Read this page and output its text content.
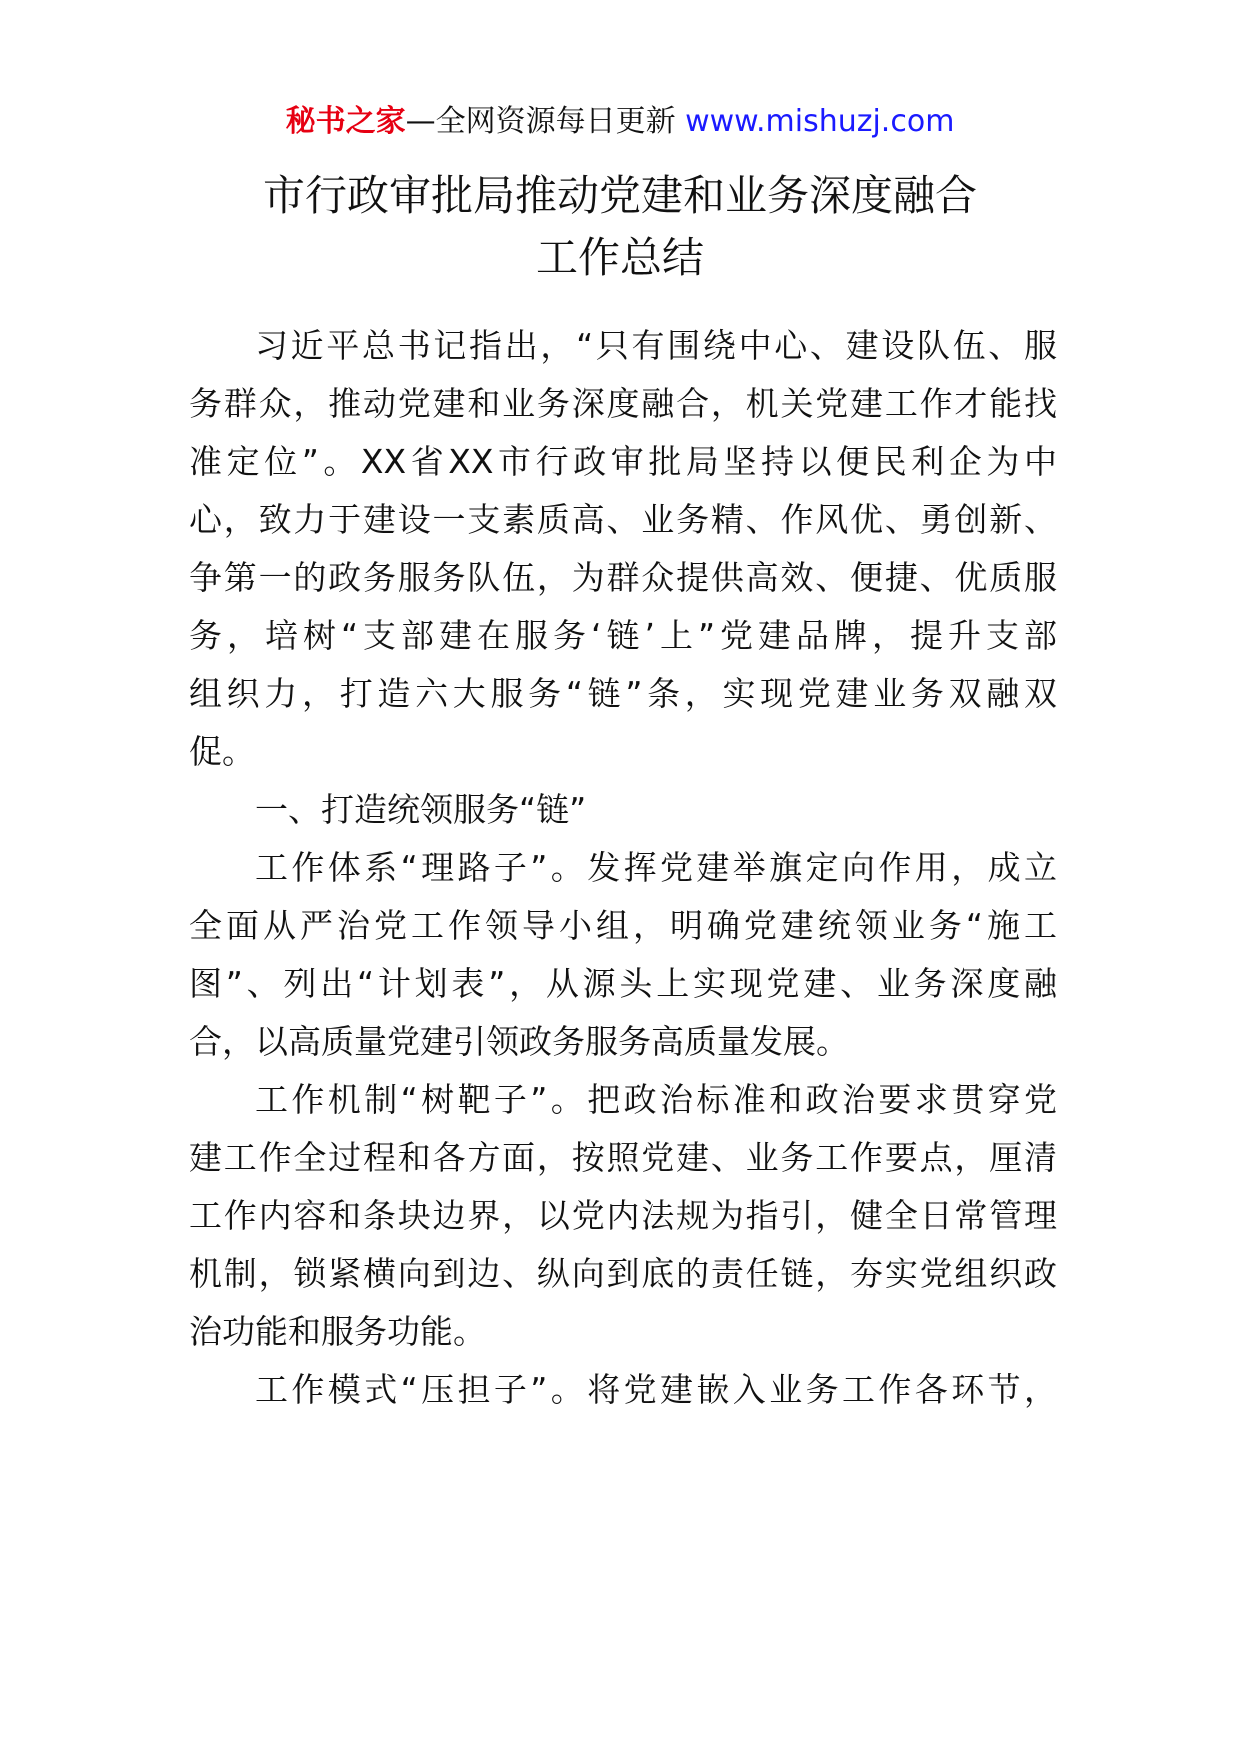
秘书之家—全网资源每日更新 www.mishuzj.com
市行政审批局推动党建和业务深度融合
工作总结
习近平总书记指出，“只有围绕中心、建设队伍、服
务群众，推动党建和业务深度融合，机关党建工作才能找
准定位”。XX省XX市行政审批局坚持以便民利企为中
心，致力于建设一支素质高、业务精、作风优、勇创新、
争第一的政务服务队伍，为群众提供高效、便捷、优质服
务，培树“支部建在服务‘链’上”党建品牌，提升支部
组织力，打造六大服务“链”条，实现党建业务双融双
促。
一、打造统领服务“链”
工作体系“理路子”。发挥党建举旗定向作用，成立
全面从严治党工作领导小组，明确党建统领业务“施工
图”、列出“计划表”，从源头上实现党建、业务深度融
合，以高质量党建引领政务服务高质量发展。
工作机制“树靶子”。把政治标准和政治要求贯穿党
建工作全过程和各方面，按照党建、业务工作要点，厘清
工作内容和条块边界，以党内法规为指引，健全日常管理
机制，锁紧横向到边、纵向到底的责任链，夯实党组织政
治功能和服务功能。
工作模式“压担子”。将党建嵌入业务工作各环节，
